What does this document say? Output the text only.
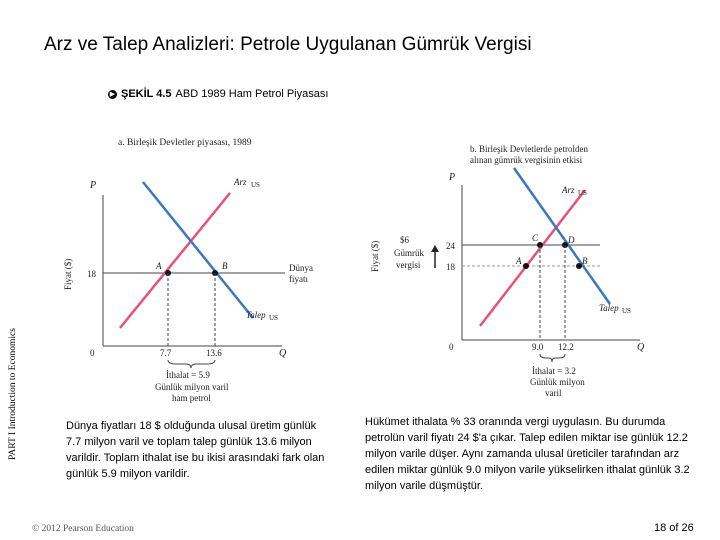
Arz ve Talep Analizleri: Petrole Uygulanan Gümrük Vergisi
▶ ŞEKİL 4.5 ABD 1989 Ham Petrol Piyasası
PART I Introduction to Economics
a. Birleşik Devletler piyasası, 1989
P
Q
0
Fiyat ($) 18
Dünya
fiyatı
Arz US
Talep US
A	B
7.7	13.6
İthalat = 5.9
Günlük milyon varil
ham petrol
b. Birleşik Devletlerde petrolden
alınan gümrük vergisinin etkisi
P
Q
0
Fiyat ($)
$6
Gümrük
vergisi
24
18
Arz US
Talep US
C	D
A	B
9.0 12.2
İthalat = 3.2
Günlük milyon
varil
Dünya fiyatları 18 $ olduğunda ulusal üretim günlük 7.7 milyon varil ve toplam talep günlük 13.6 milyon varildir. Toplam ithalat ise bu ikisi arasındaki fark olan günlük 5.9 milyon varildir.
Hükümet ithalata % 33 oranında vergi uygulasın. Bu durumda petrolün varil fiyatı 24 $'a çıkar. Talep edilen miktar ise günlük 12.2 milyon varile düşer. Aynı zamanda ulusal üreticiler tarafından arz edilen miktar günlük 9.0 milyon varile yükselirken ithalat günlük 3.2 milyon varile düşmüştür.
© 2012 Pearson Education	18 of 26
